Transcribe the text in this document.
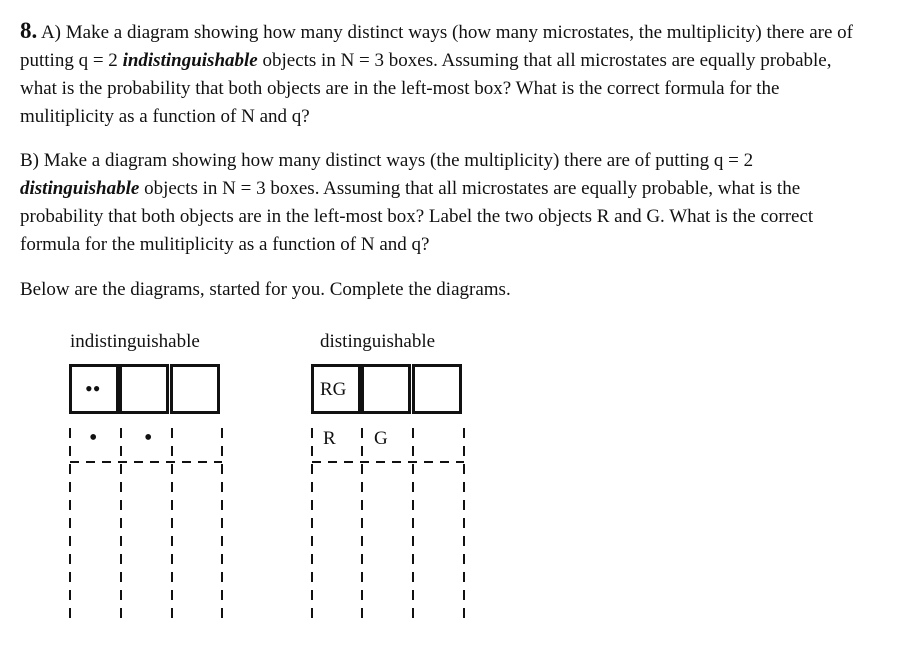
8. A) Make a diagram showing how many distinct ways (how many microstates, the multiplicity) there are of putting q = 2 indistinguishable objects in N = 3 boxes. Assuming that all microstates are equally probable, what is the probability that both objects are in the left-most box? What is the correct formula for the mulitiplicity as a function of N and q?

B) Make a diagram showing how many distinct ways (the multiplicity) there are of putting q = 2 distinguishable objects in N = 3 boxes. Assuming that all microstates are equally probable, what is the probability that both objects are in the left-most box? Label the two objects R and G. What is the correct formula for the mulitiplicity as a function of N and q?

Below are the diagrams, started for you. Complete the diagrams.

indistinguishable	distinguishable
••
• •
RG
R G
